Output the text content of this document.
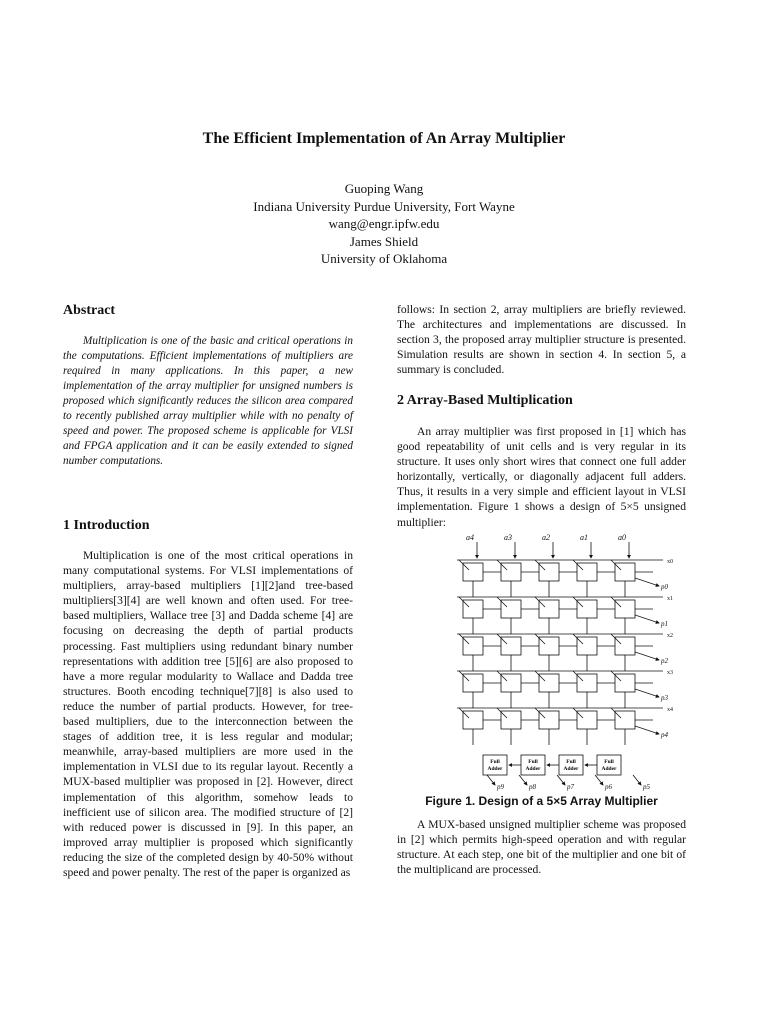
The Efficient Implementation of An Array Multiplier
Guoping Wang
Indiana University Purdue University, Fort Wayne
wang@engr.ipfw.edu
James Shield
University of Oklahoma
Abstract

Multiplication is one of the basic and critical operations in the computations. Efficient implementations of multipliers are required in many applications. In this paper, a new implementation of the array multiplier for unsigned numbers is proposed which significantly reduces the silicon area compared to recently published array multiplier while with no penalty of speed and power. The proposed scheme is applicable for VLSI and FPGA application and it can be easily extended to signed number computations.

1 Introduction

Multiplication is one of the most critical operations in many computational systems. For VLSI implementations of multipliers, array-based multipliers [1][2]and tree-based multipliers[3][4] are well known and often used. For tree-based multipliers, Wallace tree [3] and Dadda scheme [4] are focusing on decreasing the depth of partial products processing. Fast multipliers using redundant binary number representations with addition tree [5][6] are also proposed to have a more regular modularity to Wallace and Dadda tree structures. Booth encoding technique[7][8] is also used to reduce the number of partial products. However, for tree-based multipliers, due to the interconnection between the stages of addition tree, it is less regular and modular; meanwhile, array-based multipliers are more used in the implementation in VLSI due to its regular layout. Recently a MUX-based multiplier was proposed in [2]. However, direct implementation of this algorithm, somehow leads to inefficient use of silicon area. The modified structure of [2] with reduced power is discussed in [9]. In this paper, an improved array multiplier is proposed which significantly reducing the size of the completed design by 40-50% without speed and power penalty. The rest of the paper is organized as

follows: In section 2, array multipliers are briefly reviewed. The architectures and implementations are discussed. In section 3, the proposed array multiplier structure is presented. Simulation results are shown in section 4. In section 5, a summary is concluded.

2 Array-Based Multiplication

An array multiplier was first proposed in [1] which has good repeatability of unit cells and is very regular in its structure. It uses only short wires that connect one full adder horizontally, vertically, or diagonally adjacent full adders. Thus, it results in a very simple and efficient layout in VLSI implementation. Figure 1 shows a design of 5×5 unsigned multiplier:

Full
Adder
Full
Adder
Full
Adder
Full
Adder
a4	a3	a2	a1	a0
x0
p0
x1
p1
x2
p2
x3
p3
x4
p4
p9	p8	p7	p6	p5
Figure 1. Design of a 5×5 Array Multiplier

A MUX-based unsigned multiplier scheme was proposed in [2] which permits high-speed operation and with regular structure. At each step, one bit of the multiplier and one bit of the multiplicand are processed.
